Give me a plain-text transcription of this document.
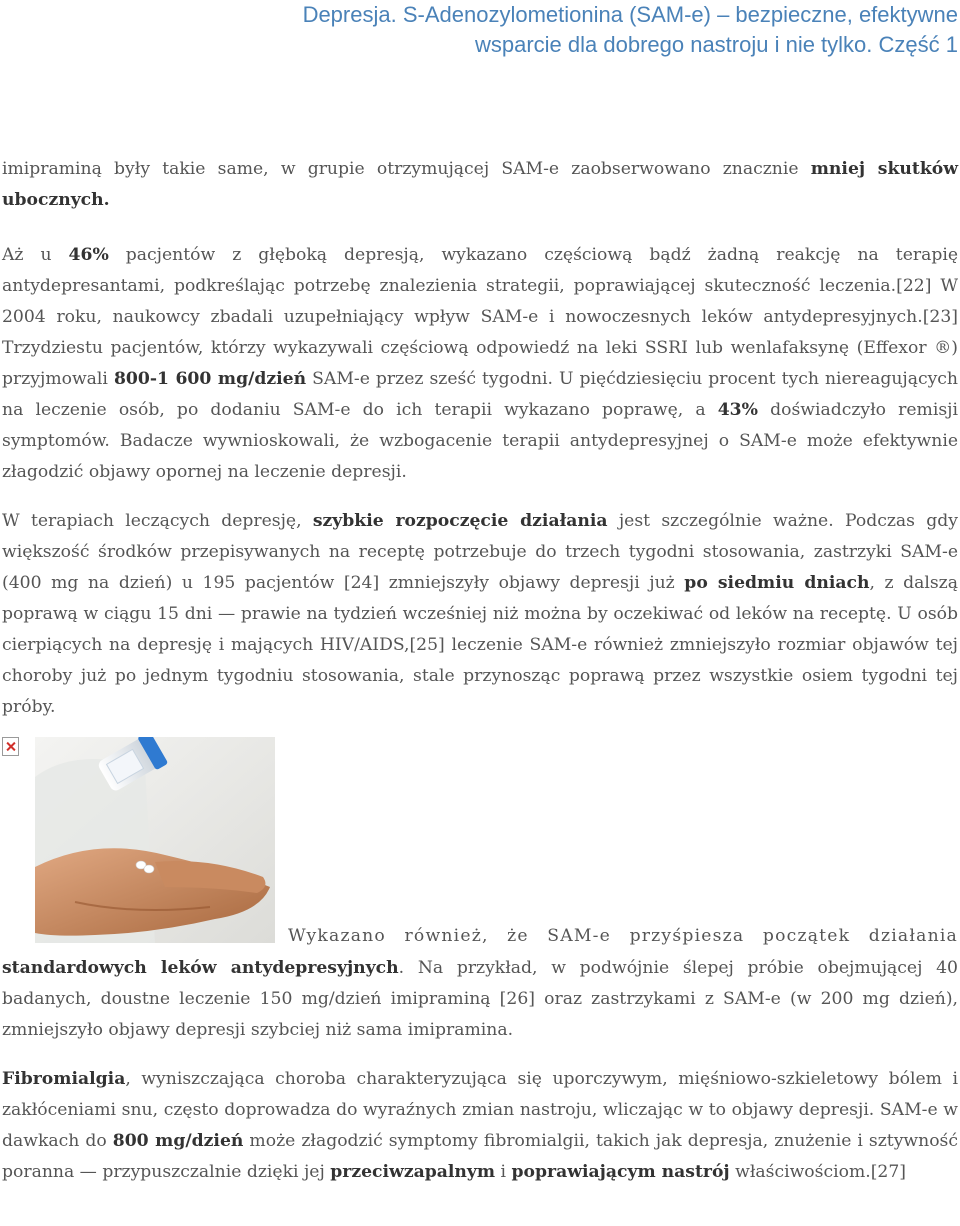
Depresja. S-Adenozylometionina (SAM-e) – bezpieczne, efektywne
wsparcie dla dobrego nastroju i nie tylko. Część 1

imipraminą były takie same, w grupie otrzymującej SAM-e zaobserwowano znacznie mniej skutków ubocznych.

Aż u 46% pacjentów z głęboką depresją, wykazano częściową bądź żadną reakcję na terapię antydepresantami, podkreślając potrzebę znalezienia strategii, poprawiającej skuteczność leczenia.[22] W 2004 roku, naukowcy zbadali uzupełniający wpływ SAM-e i nowoczesnych leków antydepresyjnych.[23] Trzydziestu pacjentów, którzy wykazywali częściową odpowiedź na leki SSRI lub wenlafaksynę (Effexor ®) przyjmowali 800-1 600 mg/dzień SAM-e przez sześć tygodni. U pięćdziesięciu procent tych niereagujących na leczenie osób, po dodaniu SAM-e do ich terapii wykazano poprawę, a 43% doświadczyło remisji symptomów. Badacze wywnioskowali, że wzbogacenie terapii antydepresyjnej o SAM-e może efektywnie złagodzić objawy opornej na leczenie depresji.

W terapiach leczących depresję, szybkie rozpoczęcie działania jest szczególnie ważne. Podczas gdy większość środków przepisywanych na receptę potrzebuje do trzech tygodni stosowania, zastrzyki SAM-e (400 mg na dzień) u 195 pacjentów [24] zmniejszyły objawy depresji już po siedmiu dniach, z dalszą poprawą w ciągu 15 dni — prawie na tydzień wcześniej niż można by oczekiwać od leków na receptę. U osób cierpiących na depresję i mających HIV/AIDS,[25] leczenie SAM-e również zmniejszyło rozmiar objawów tej choroby już po jednym tygodniu stosowania, stale przynosząc poprawą przez wszystkie osiem tygodni tej próby.

Wykazano również, że SAM-e przyśpiesza początek działania

standardowych leków antydepresyjnych. Na przykład, w podwójnie ślepej próbie obejmującej 40 badanych, doustne leczenie 150 mg/dzień imipraminą [26] oraz zastrzykami z SAM-e (w 200 mg dzień), zmniejszyło objawy depresji szybciej niż sama imipramina.

Fibromialgia, wyniszczająca choroba charakteryzująca się uporczywym, mięśniowo-szkieletowy bólem i zakłóceniami snu, często doprowadza do wyraźnych zmian nastroju, wliczając w to objawy depresji. SAM-e w dawkach do 800 mg/dzień może złagodzić symptomy fibromialgii, takich jak depresja, znużenie i sztywność poranna — przypuszczalnie dzięki jej przeciwzapalnym i poprawiającym nastrój właściwościom.[27]
